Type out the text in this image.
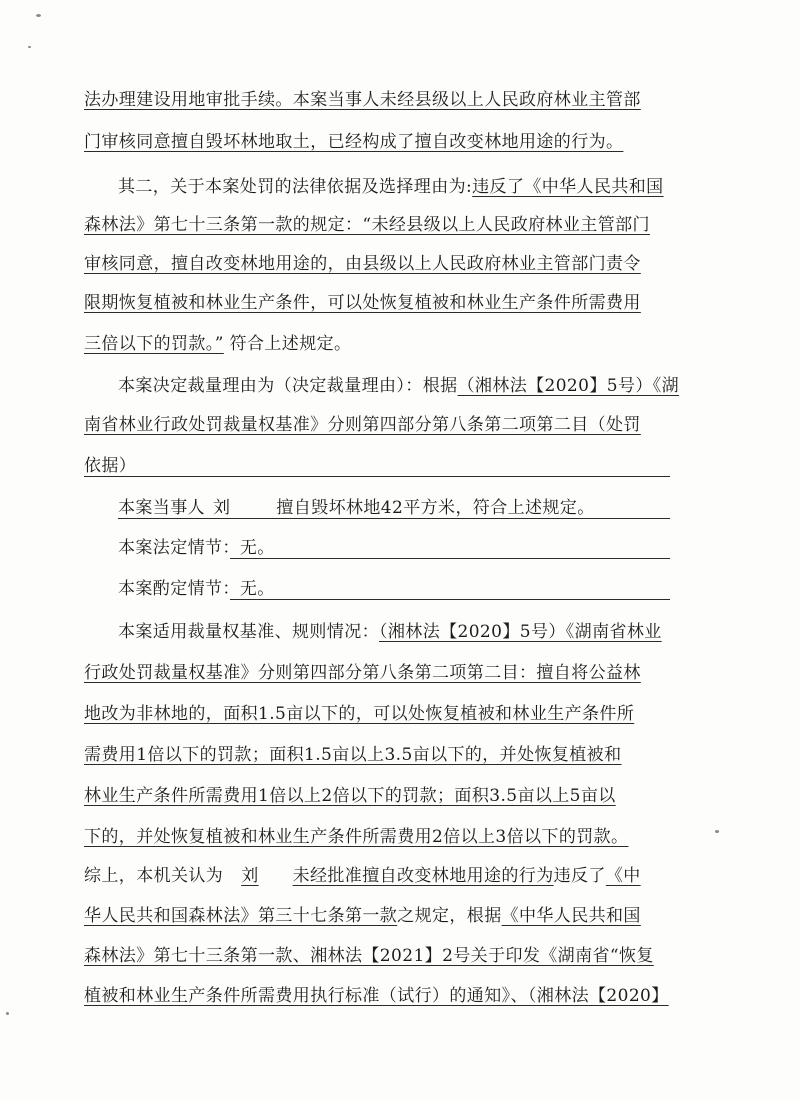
法办理建设用地审批手续。本案当事人未经县级以上人民政府林业主管部
门审核同意擅自毁坏林地取土，已经构成了擅自改变林地用途的行为。
其二，关于本案处罚的法律依据及选择理由为:违反了《中华人民共和国
森林法》第七十三条第一款的规定：“未经县级以上人民政府林业主管部门
审核同意，擅自改变林地用途的，由县级以上人民政府林业主管部门责令
限期恢复植被和林业生产条件，可以处恢复植被和林业生产条件所需费用
三倍以下的罚款。” 符合上述规定。
本案决定裁量理由为（决定裁量理由）：根据（湘林法【2020】5号）《湖
南省林业行政处罚裁量权基准》分则第四部分第八条第二项第二目（处罚
依据）
本案当事人 刘	擅自毁坏林地42平方米，符合上述规定。
本案法定情节：无。
本案酌定情节：无。
本案适用裁量权基准、规则情况：（湘林法【2020】5号）《湖南省林业
行政处罚裁量权基准》分则第四部分第八条第二项第二目：擅自将公益林
地改为非林地的，面积1.5亩以下的，可以处恢复植被和林业生产条件所
需费用1倍以下的罚款；面积1.5亩以上3.5亩以下的，并处恢复植被和
林业生产条件所需费用1倍以上2倍以下的罚款；面积3.5亩以上5亩以
下的，并处恢复植被和林业生产条件所需费用2倍以上3倍以下的罚款。
综上，本机关认为 刘 未经批准擅自改变林地用途的行为违反了《中
华人民共和国森林法》第三十七条第一款之规定，根据《中华人民共和国
森林法》第七十三条第一款、湘林法【2021】2号关于印发《湖南省“恢复
植被和林业生产条件所需费用执行标准（试行）的通知》、（湘林法【2020】
